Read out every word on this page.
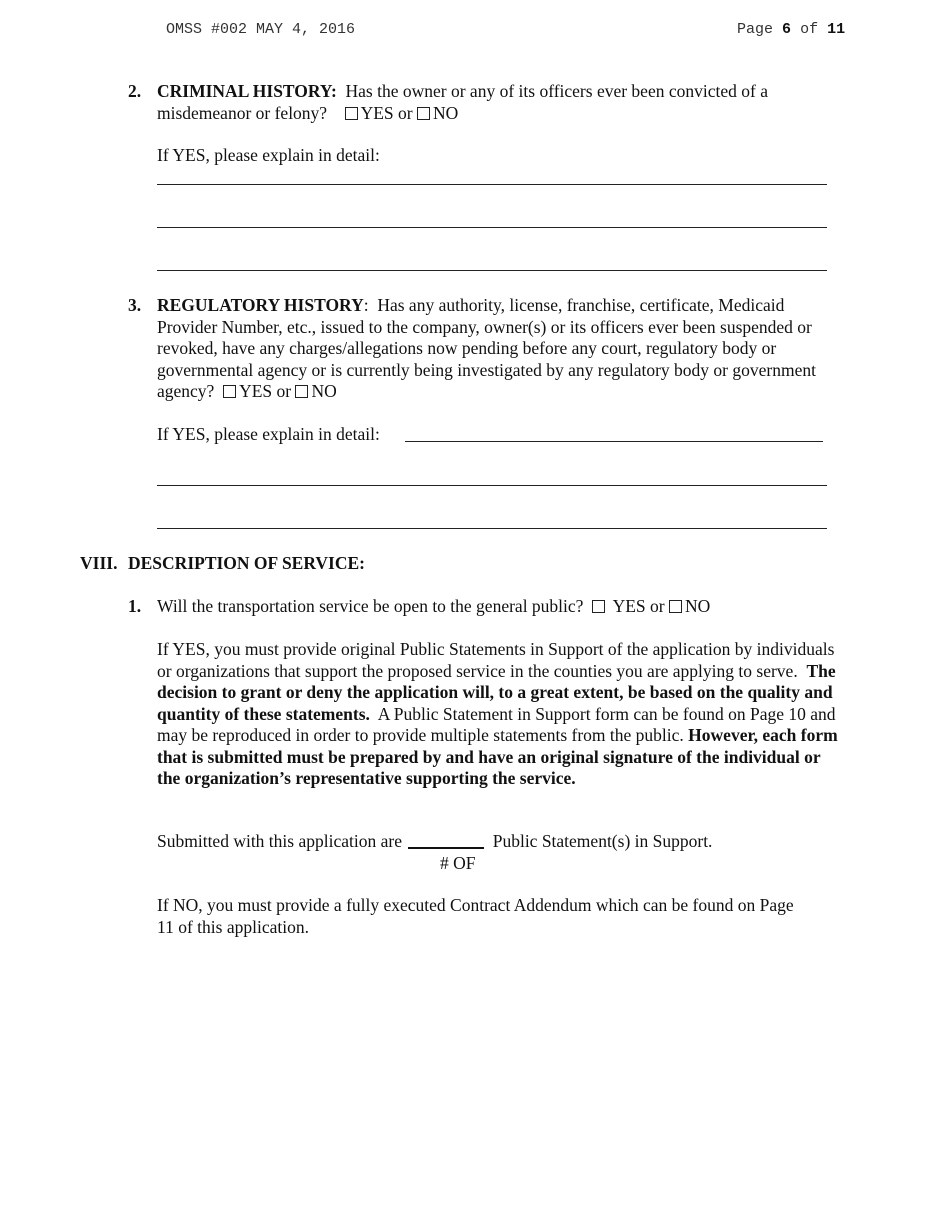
OMSS #002 MAY 4, 2016	Page 6 of 11
2. CRIMINAL HISTORY: Has the owner or any of its officers ever been convicted of a misdemeanor or felony? YES or NO
If YES, please explain in detail:
3. REGULATORY HISTORY: Has any authority, license, franchise, certificate, Medicaid Provider Number, etc., issued to the company, owner(s) or its officers ever been suspended or revoked, have any charges/allegations now pending before any court, regulatory body or governmental agency or is currently being investigated by any regulatory body or government agency? YES or NO
If YES, please explain in detail:
VIII. DESCRIPTION OF SERVICE:
1. Will the transportation service be open to the general public? YES or NO
If YES, you must provide original Public Statements in Support of the application by individuals or organizations that support the proposed service in the counties you are applying to serve. The decision to grant or deny the application will, to a great extent, be based on the quality and quantity of these statements. A Public Statement in Support form can be found on Page 10 and may be reproduced in order to provide multiple statements from the public. However, each form that is submitted must be prepared by and have an original signature of the individual or the organization’s representative supporting the service.
Submitted with this application are	Public Statement(s) in Support.
# OF
If NO, you must provide a fully executed Contract Addendum which can be found on Page 11 of this application.
